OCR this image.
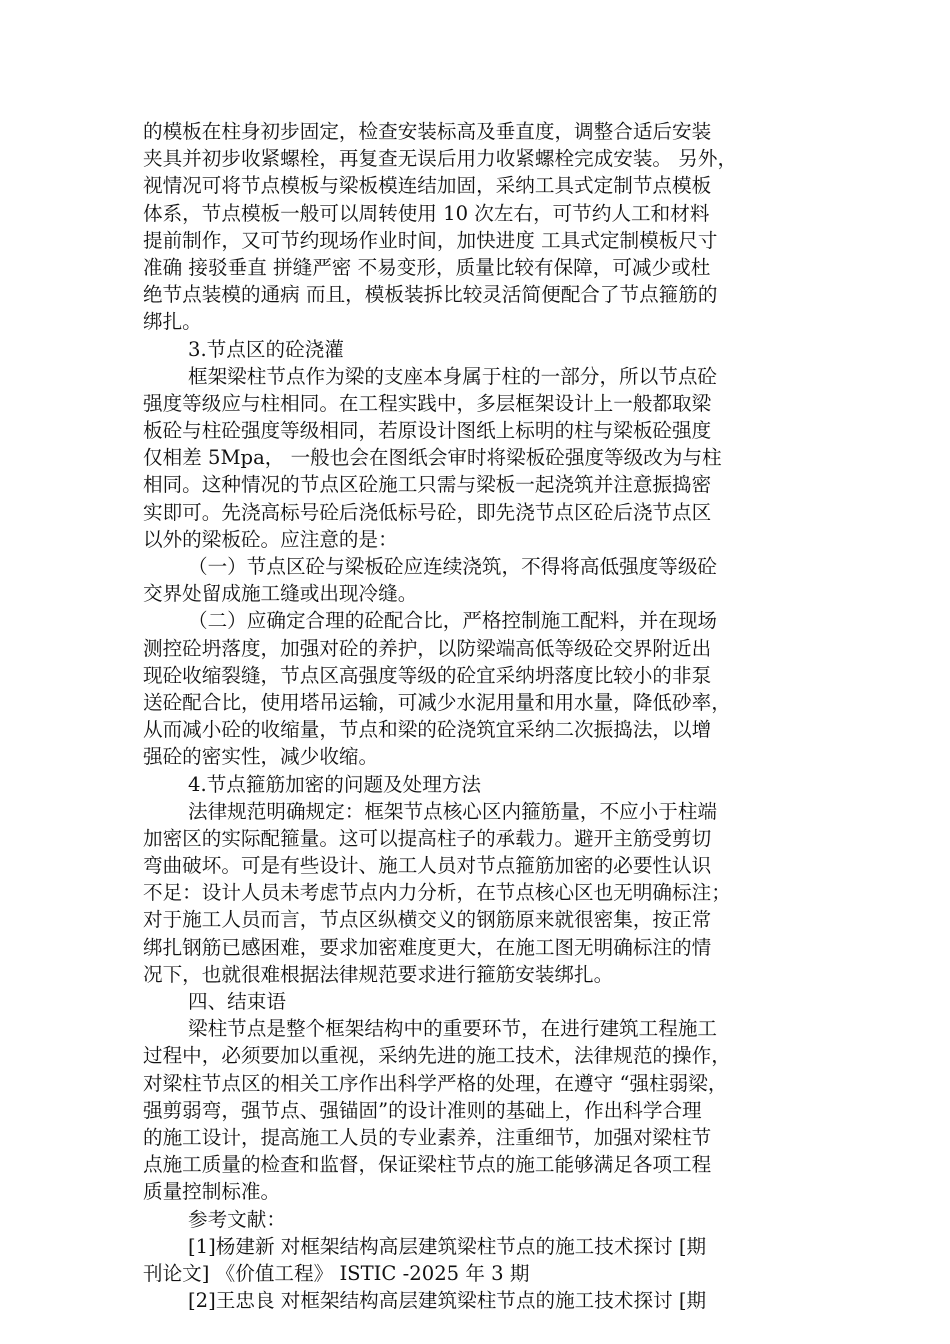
的模板在柱身初步固定，检查安装标高及垂直度，调整合适后安装
夹具并初步收紧螺栓，再复查无误后用力收紧螺栓完成安装。 另外，
视情况可将节点模板与梁板模连结加固，采纳工具式定制节点模板
体系，节点模板一般可以周转使用 10 次左右，可节约人工和材料
提前制作，又可节约现场作业时间，加快进度 工具式定制模板尺寸
准确 接驳垂直 拼缝严密 不易变形，质量比较有保障，可减少或杜
绝节点装模的通病 而且，模板装拆比较灵活简便配合了节点箍筋的
绑扎。
3.节点区的砼浇灌
框架梁柱节点作为梁的支座本身属于柱的一部分，所以节点砼
强度等级应与柱相同。在工程实践中，多层框架设计上一般都取梁
板砼与柱砼强度等级相同，若原设计图纸上标明的柱与梁板砼强度
仅相差 5Mpa， 一般也会在图纸会审时将梁板砼强度等级改为与柱
相同。这种情况的节点区砼施工只需与梁板一起浇筑并注意振捣密
实即可。先浇高标号砼后浇低标号砼，即先浇节点区砼后浇节点区
以外的梁板砼。应注意的是：
（一）节点区砼与梁板砼应连续浇筑，不得将高低强度等级砼
交界处留成施工缝或出现冷缝。
（二）应确定合理的砼配合比，严格控制施工配料，并在现场
测控砼坍落度，加强对砼的养护，以防梁端高低等级砼交界附近出
现砼收缩裂缝，节点区高强度等级的砼宜采纳坍落度比较小的非泵
送砼配合比，使用塔吊运输，可减少水泥用量和用水量，降低砂率，
从而减小砼的收缩量，节点和梁的砼浇筑宜采纳二次振捣法，以增
强砼的密实性，减少收缩。
4.节点箍筋加密的问题及处理方法
法律规范明确规定：框架节点核心区内箍筋量，不应小于柱端
加密区的实际配箍量。这可以提高柱子的承载力。避开主筋受剪切
弯曲破坏。可是有些设计、施工人员对节点箍筋加密的必要性认识
不足：设计人员未考虑节点内力分析，在节点核心区也无明确标注；
对于施工人员而言，节点区纵横交义的钢筋原来就很密集，按正常
绑扎钢筋已感困难，要求加密难度更大，在施工图无明确标注的情
况下，也就很难根据法律规范要求进行箍筋安装绑扎。
四、结束语
梁柱节点是整个框架结构中的重要环节，在进行建筑工程施工
过程中，必须要加以重视，采纳先进的施工技术，法律规范的操作，
对梁柱节点区的相关工序作出科学严格的处理，在遵守 “强柱弱梁，
强剪弱弯，强节点、强锚固”的设计准则的基础上，作出科学合理
的施工设计，提高施工人员的专业素养，注重细节，加强对梁柱节
点施工质量的检查和监督，保证梁柱节点的施工能够满足各项工程
质量控制标准。
参考文献：
[1]杨建新 对框架结构高层建筑梁柱节点的施工技术探讨 [期
刊论文] 《价值工程》 ISTIC -2025 年 3 期
[2]王忠良 对框架结构高层建筑梁柱节点的施工技术探讨 [期
